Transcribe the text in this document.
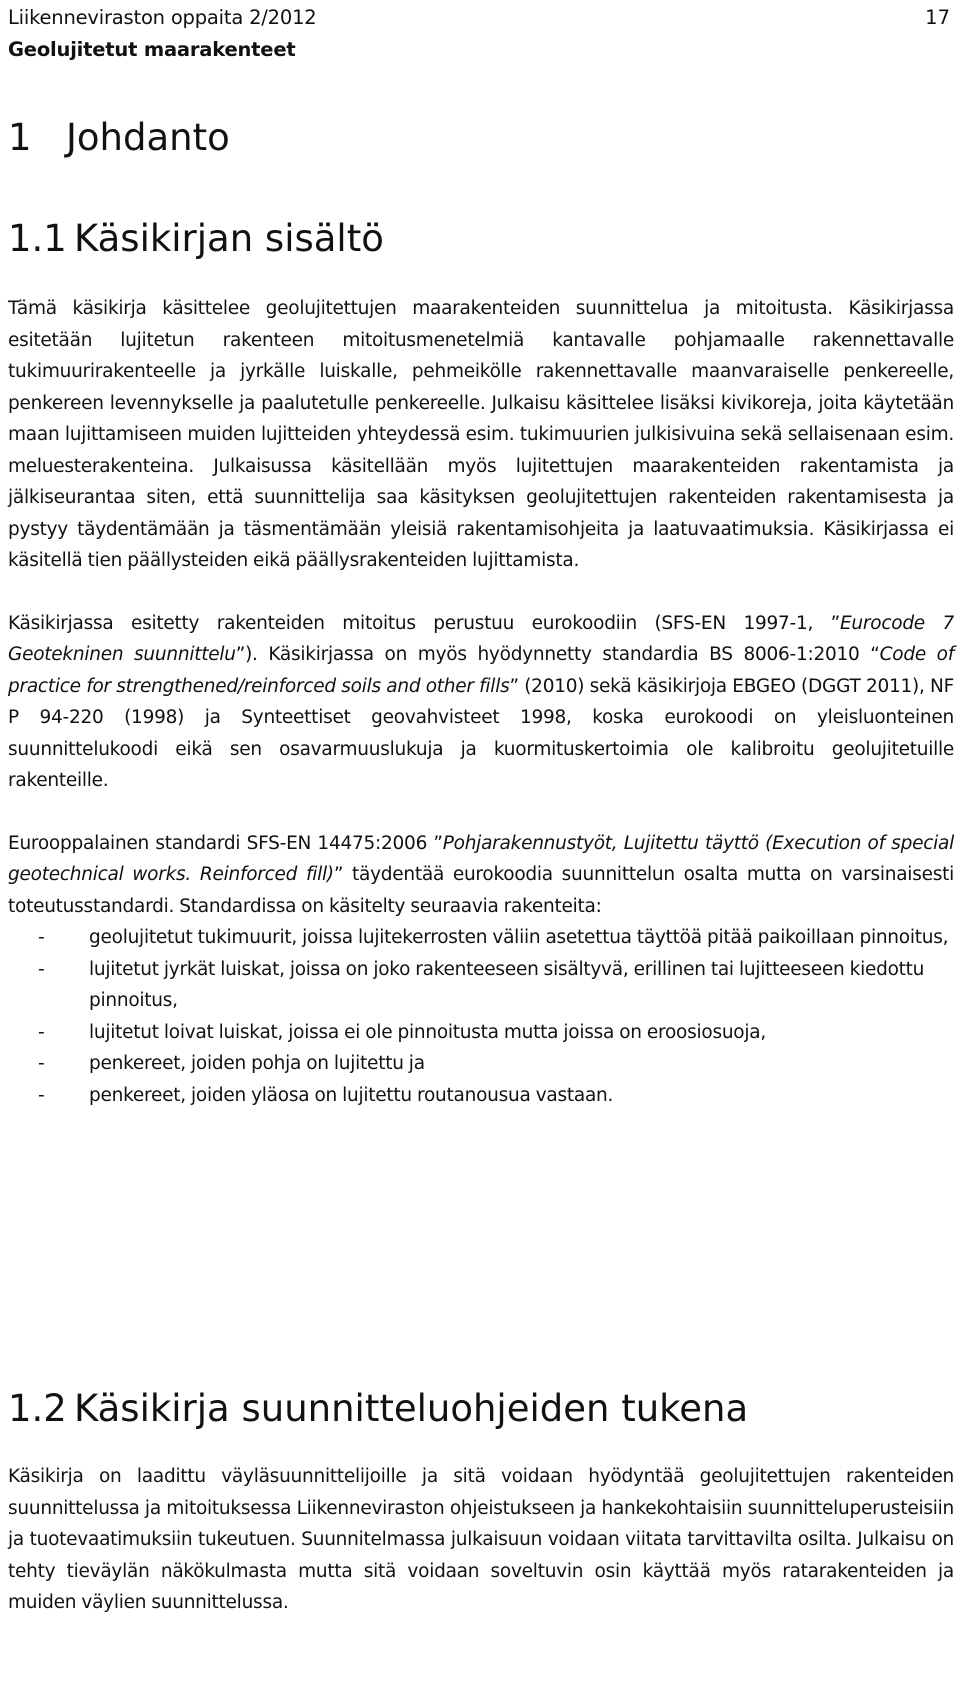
Liikenneviraston oppaita 2/2012
Geolujitetut maarakenteet
17
1 Johdanto
1.1 Käsikirjan sisältö

Tämä käsikirja käsittelee geolujitettujen maarakenteiden suunnittelua ja mitoitusta. Käsikirjassa esitetään lujitetun rakenteen mitoitusmenetelmiä kantavalle pohjamaalle rakennettavalle tukimuurirakenteelle ja jyrkälle luiskalle, pehmeikölle rakennettavalle maanvaraiselle penkereelle, penkereen levennykselle ja paalutetulle penkereelle. Julkaisu käsittelee lisäksi kivikoreja, joita käytetään maan lujittamiseen muiden lujitteiden yhteydessä esim. tukimuurien julkisivuina sekä sellaisenaan esim. meluesterakenteina. Julkaisussa käsitellään myös lujitettujen maarakenteiden rakentamista ja jälkiseurantaa siten, että suunnittelija saa käsityksen geolujitettujen rakenteiden rakentamisesta ja pystyy täydentämään ja täsmentämään yleisiä rakentamisohjeita ja laatuvaatimuksia. Käsikirjassa ei käsitellä tien päällysteiden eikä päällysrakenteiden lujittamista.

Käsikirjassa esitetty rakenteiden mitoitus perustuu eurokoodiin (SFS-EN 1997-1, ”Eurocode 7 Geotekninen suunnittelu”). Käsikirjassa on myös hyödynnetty standardia BS 8006-1:2010 “Code of practice for strengthened/reinforced soils and other fills” (2010) sekä käsikirjoja EBGEO (DGGT 2011), NF P 94-220 (1998) ja Synteettiset geovahvisteet 1998, koska eurokoodi on yleisluonteinen suunnittelukoodi eikä sen osavarmuuslukuja ja kuormituskertoimia ole kalibroitu geolujitetuille rakenteille.

Eurooppalainen standardi SFS-EN 14475:2006 ”Pohjarakennustyöt, Lujitettu täyttö (Execution of special geotechnical works. Reinforced fill)” täydentää eurokoodia suunnittelun osalta mutta on varsinaisesti toteutusstandardi. Standardissa on käsitelty seuraavia rakenteita:

- geolujitetut tukimuurit, joissa lujitekerrosten väliin asetettua täyttöä pitää paikoillaan pinnoitus,
- lujitetut jyrkät luiskat, joissa on joko rakenteeseen sisältyvä, erillinen tai lujitteeseen kiedottu pinnoitus,
- lujitetut loivat luiskat, joissa ei ole pinnoitusta mutta joissa on eroosiosuoja,
- penkereet, joiden pohja on lujitettu ja
- penkereet, joiden yläosa on lujitettu routanousua vastaan.
1.2 Käsikirja suunnitteluohjeiden tukena

Käsikirja on laadittu väyläsuunnittelijoille ja sitä voidaan hyödyntää geolujitettujen rakenteiden suunnittelussa ja mitoituksessa Liikenneviraston ohjeistukseen ja hankekohtaisiin suunnitteluperusteisiin ja tuotevaatimuksiin tukeutuen. Suunnitelmassa julkaisuun voidaan viitata tarvittavilta osilta. Julkaisu on tehty tieväylän näkökulmasta mutta sitä voidaan soveltuvin osin käyttää myös ratarakenteiden ja muiden väylien suunnittelussa.
